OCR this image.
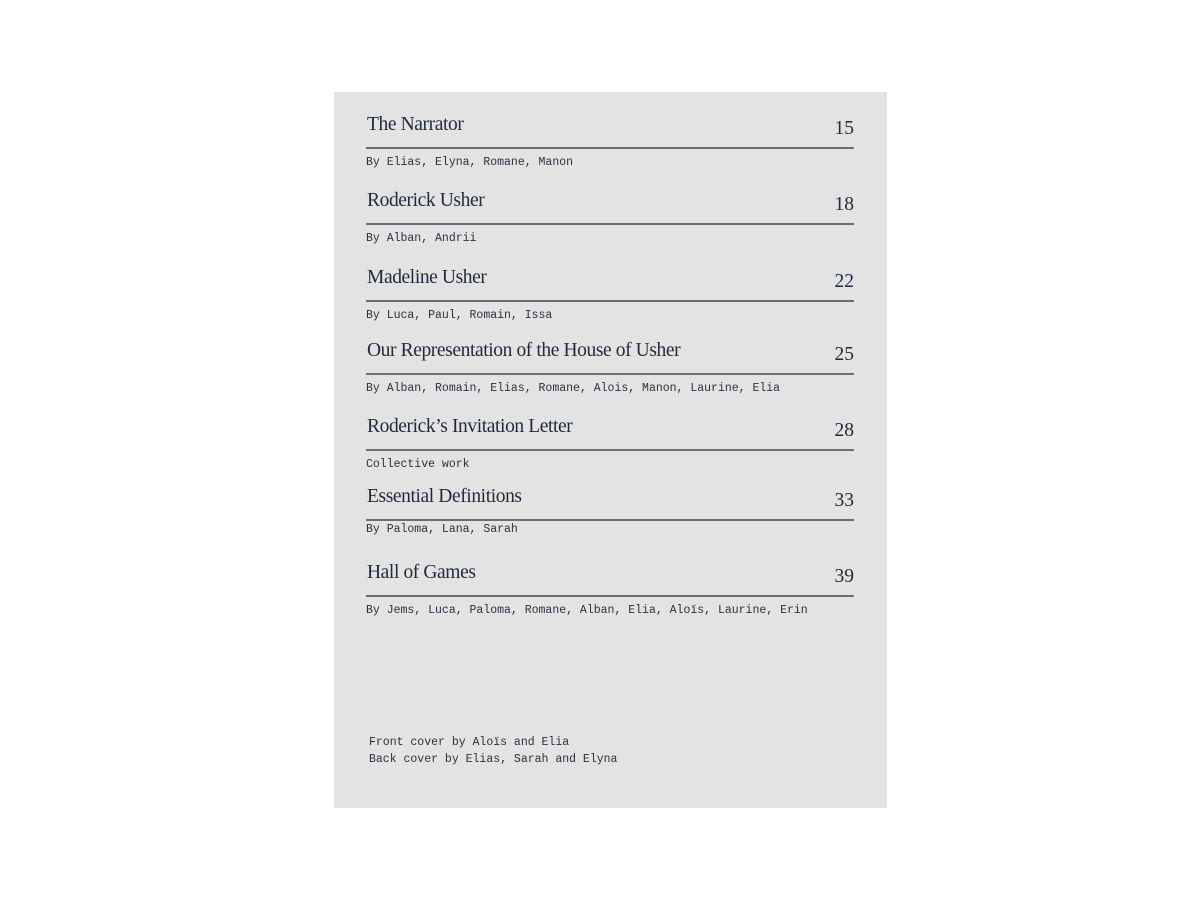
The Narrator	15
By Elias, Elyna, Romane, Manon
Roderick Usher	18
By Alban, Andrii
Madeline Usher	22
By Luca, Paul, Romain, Issa
Our Representation of the House of Usher	25
By Alban, Romain, Elias, Romane, Alois, Manon, Laurine, Elia
Roderick’s Invitation Letter	28
Collective work
Essential Definitions	33
By Paloma, Lana, Sarah
Hall of Games	39
By Jems, Luca, Paloma, Romane, Alban, Elia, Aloïs, Laurine, Erin
Front cover by Aloïs and Elia
Back cover by Elias, Sarah and Elyna
